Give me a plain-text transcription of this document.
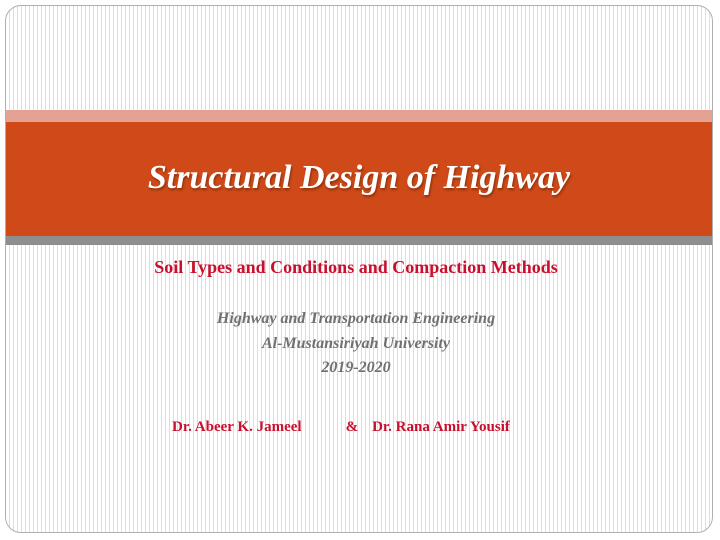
Structural Design of Highway
Soil Types and Conditions and Compaction Methods
Highway and Transportation Engineering
Al-Mustansiriyah University
2019-2020
Dr. Abeer K. Jameel	& Dr. Rana Amir Yousif
